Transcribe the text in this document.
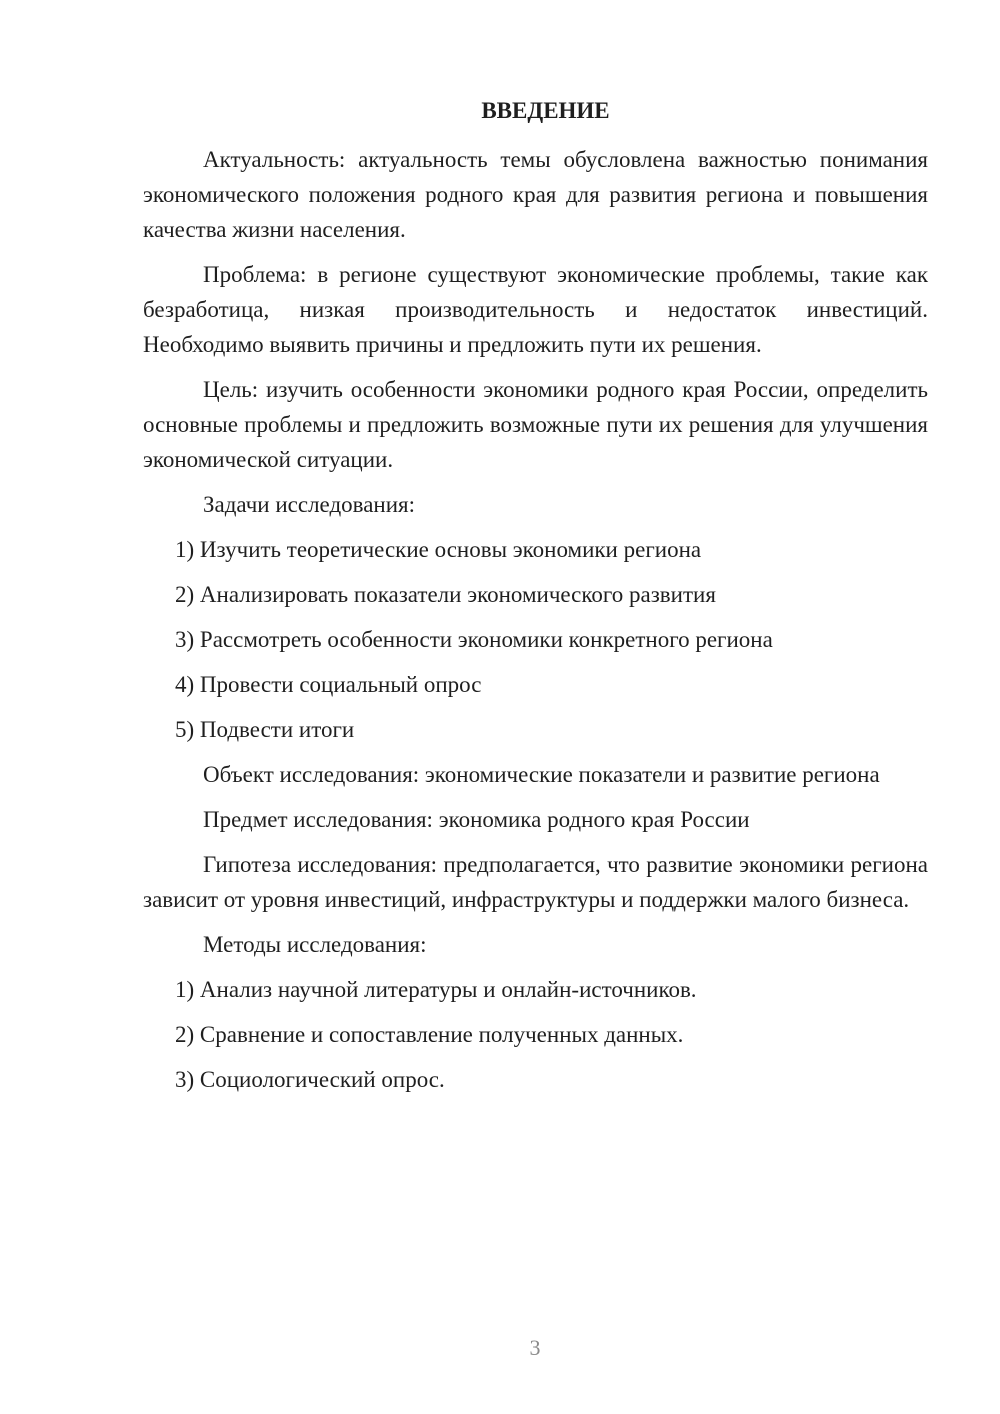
ВВЕДЕНИЕ

Актуальность: актуальность темы обусловлена важностью понимания экономического положения родного края для развития региона и повышения качества жизни населения.

Проблема: в регионе существуют экономические проблемы, такие как безработица, низкая производительность и недостаток инвестиций. Необходимо выявить причины и предложить пути их решения.

Цель: изучить особенности экономики родного края России, определить основные проблемы и предложить возможные пути их решения для улучшения экономической ситуации.

Задачи исследования:

1) Изучить теоретические основы экономики региона

2) Анализировать показатели экономического развития

3) Рассмотреть особенности экономики конкретного региона

4) Провести социальный опрос

5) Подвести итоги

Объект исследования: экономические показатели и развитие региона

Предмет исследования: экономика родного края России

Гипотеза исследования: предполагается, что развитие экономики региона зависит от уровня инвестиций, инфраструктуры и поддержки малого бизнеса.

Методы исследования:

1) Анализ научной литературы и онлайн-источников.

2) Сравнение и сопоставление полученных данных.

3) Социологический опрос.

3
